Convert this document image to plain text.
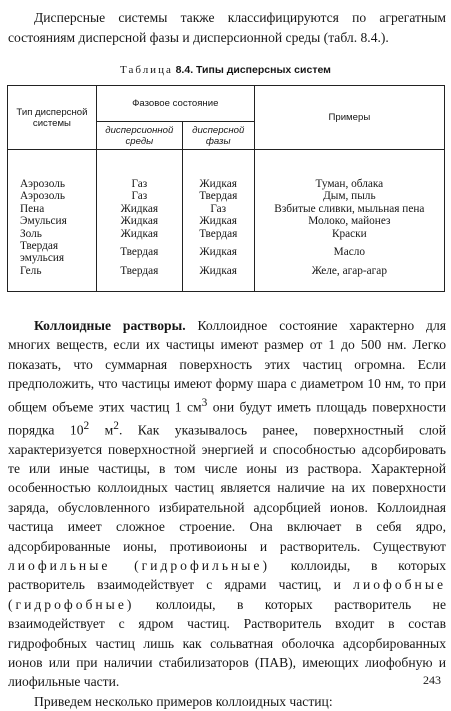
Дисперсные системы также классифицируются по агрегатным состояниям дисперсной фазы и дисперсионной среды (табл. 8.4.).

Таблица 8.4. Типы дисперсных систем

Тип дисперсной системы	Фазовое состояние		Примеры
	дисперсионной среды	дисперсной фазы	
Аэрозоль	Газ	Жидкая	Туман, облака
Аэрозоль	Газ	Твердая	Дым, пыль
Пена	Жидкая	Газ	Взбитые сливки, мыльная пена
Эмульсия	Жидкая	Жидкая	Молоко, майонез
Золь	Жидкая	Твердая	Краски
Твердая эмульсия	Твердая	Жидкая	Масло
Гель	Твердая	Жидкая	Желе, агар-агар

Коллоидные растворы. Коллоидное состояние характерно для многих веществ, если их частицы имеют размер от 1 до 500 нм. Легко показать, что суммарная поверхность этих частиц огромна. Если предположить, что частицы имеют форму шара с диаметром 10 нм, то при общем объеме этих частиц 1 $см^3$ они будут иметь площадь поверхности порядка $10^2$ $м^2$. Как указывалось ранее, поверхностный слой характеризуется поверхностной энергией и способностью адсорбировать те или иные частицы, в том числе ионы из раствора. Характерной особенностью коллоидных частиц является наличие на их поверхности заряда, обусловленного избирательной адсорбцией ионов. Коллоидная частица имеет сложное строение. Она включает в себя ядро, адсорбированные ионы, противоионы и растворитель. Существуют лиофильные (гидрофильные) коллоиды, в которых растворитель взаимодействует с ядрами частиц, и лиофобные (гидрофобные) коллоиды, в которых растворитель не взаимодействует с ядром частиц. Растворитель входит в состав гидрофобных частиц лишь как сольватная оболочка адсорбированных ионов или при наличии стабилизаторов (ПАВ), имеющих лиофобную и лиофильные части.

Приведем несколько примеров коллоидных частиц:

243
